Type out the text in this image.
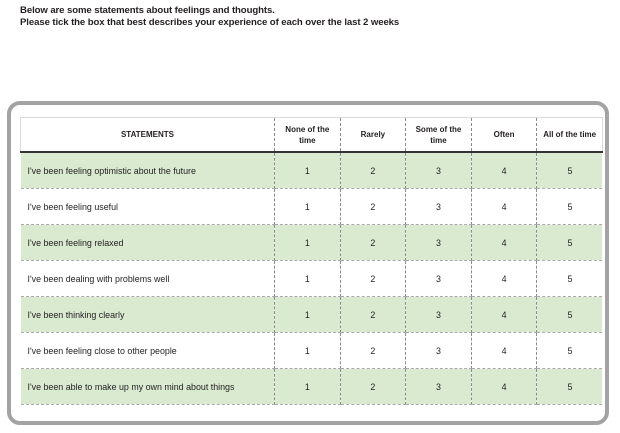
Below are some statements about feelings and thoughts.
Please tick the box that best describes your experience of each over the last 2 weeks
STATEMENTS	None of the time	Rarely	Some of the time	Often	All of the time
I've been feeling optimistic about the future	1	2	3	4	5
I've been feeling useful	1	2	3	4	5
I've been feeling relaxed	1	2	3	4	5
I've been dealing with problems well	1	2	3	4	5
I've been thinking clearly	1	2	3	4	5
I've been feeling close to other people	1	2	3	4	5
I've been able to make up my own mind about things	1	2	3	4	5
